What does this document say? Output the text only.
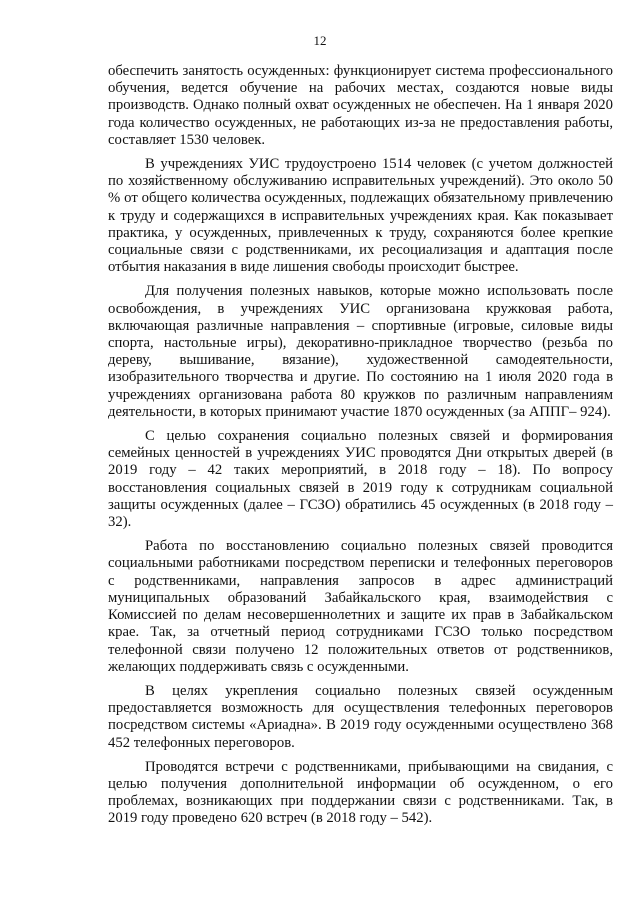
12

обеспечить занятость осужденных: функционирует система профессионального обучения, ведется обучение на рабочих местах, создаются новые виды производств. Однако полный охват осужденных не обеспечен. На 1 января 2020 года количество осужденных, не работающих из-за не предоставления работы, составляет 1530 человек.

В учреждениях УИС трудоустроено 1514 человек (с учетом должностей по хозяйственному обслуживанию исправительных учреждений). Это около 50 % от общего количества осужденных, подлежащих обязательному привлечению к труду и содержащихся в исправительных учреждениях края. Как показывает практика, у осужденных, привлеченных к труду, сохраняются более крепкие социальные связи с родственниками, их ресоциализация и адаптация после отбытия наказания в виде лишения свободы происходит быстрее.

Для получения полезных навыков, которые можно использовать после освобождения, в учреждениях УИС организована кружковая работа, включающая различные направления – спортивные (игровые, силовые виды спорта, настольные игры), декоративно-прикладное творчество (резьба по дереву, вышивание, вязание), художественной самодеятельности, изобразительного творчества и другие. По состоянию на 1 июля 2020 года в учреждениях организована работа 80 кружков по различным направлениям деятельности, в которых принимают участие 1870 осужденных (за АППГ– 924).

С целью сохранения социально полезных связей и формирования семейных ценностей в учреждениях УИС проводятся Дни открытых дверей (в 2019 году – 42 таких мероприятий, в 2018 году – 18). По вопросу восстановления социальных связей в 2019 году к сотрудникам социальной защиты осужденных (далее – ГСЗО) обратились 45 осужденных (в 2018 году – 32).

Работа по восстановлению социально полезных связей проводится социальными работниками посредством переписки и телефонных переговоров с родственниками, направления запросов в адрес администраций муниципальных образований Забайкальского края, взаимодействия с Комиссией по делам несовершеннолетних и защите их прав в Забайкальском крае. Так, за отчетный период сотрудниками ГСЗО только посредством телефонной связи получено 12 положительных ответов от родственников, желающих поддерживать связь с осужденными.

В целях укрепления социально полезных связей осужденным предоставляется возможность для осуществления телефонных переговоров посредством системы «Ариадна». В 2019 году осужденными осуществлено 368 452 телефонных переговоров.

Проводятся встречи с родственниками, прибывающими на свидания, с целью получения дополнительной информации об осужденном, о его проблемах, возникающих при поддержании связи с родственниками. Так, в 2019 году проведено 620 встреч (в 2018 году – 542).
